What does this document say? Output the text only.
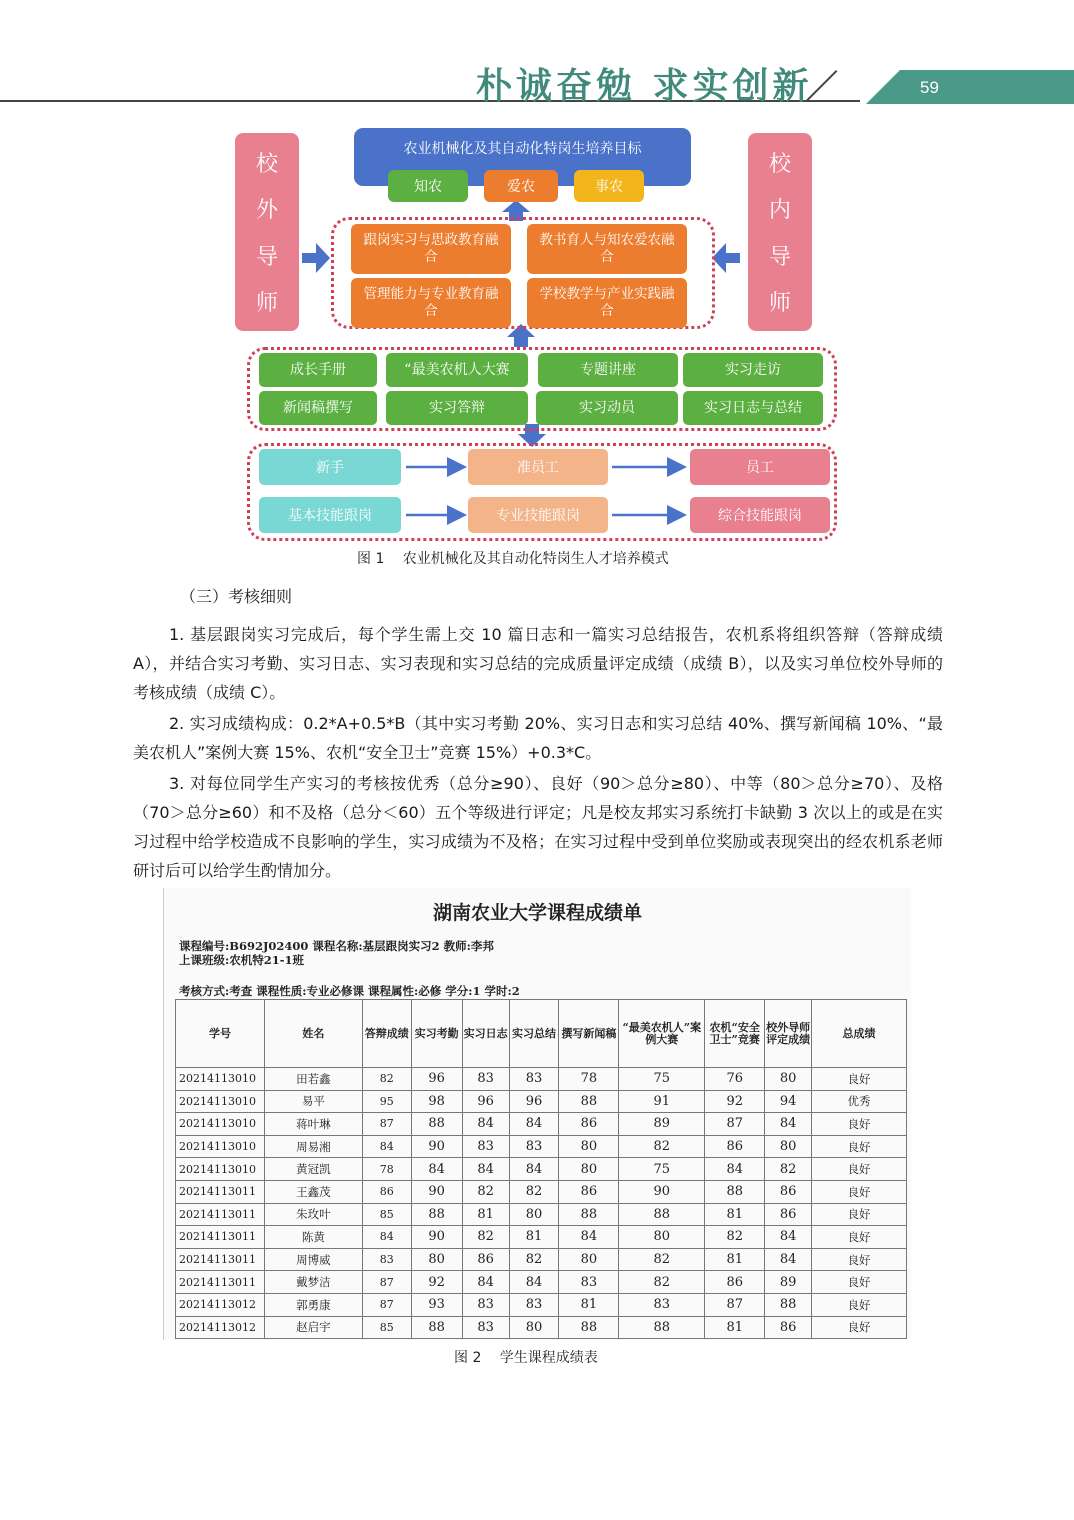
朴诚奋勉 求实创新	59
校
外
导
师
校
内
导
师
农业机械化及其自动化特岗生培养目标
知农	爱农	事农
跟岗实习与思政教育融合
教书育人与知农爱农融合
管理能力与专业教育融合
学校教学与产业实践融合
成长手册	“最美农机人大赛	专题讲座	实习走访
新闻稿撰写	实习答辩	实习动员	实习日志与总结
新手	准员工	员工
基本技能跟岗	专业技能跟岗	综合技能跟岗
图 1　 农业机械化及其自动化特岗生人才培养模式
（三）考核细则
1. 基层跟岗实习完成后，每个学生需上交 10 篇日志和一篇实习总结报告，农机系将组织答辩（答辩成绩 A），并结合实习考勤、实习日志、实习表现和实习总结的完成质量评定成绩（成绩 B），以及实习单位校外导师的考核成绩（成绩 C）。
2. 实习成绩构成：0.2*A+0.5*B（其中实习考勤 20%、实习日志和实习总结 40%、撰写新闻稿 10%、“最美农机人”案例大赛 15%、农机“安全卫士”竞赛 15%）+0.3*C。
3. 对每位同学生产实习的考核按优秀（总分≥90）、良好（90＞总分≥80）、中等（80＞总分≥70）、及格（70＞总分≥60）和不及格（总分＜60）五个等级进行评定；凡是校友邦实习系统打卡缺勤 3 次以上的或是在实习过程中给学校造成不良影响的学生，实习成绩为不及格；在实习过程中受到单位奖励或表现突出的经农机系老师研讨后可以给学生酌情加分。
湖南农业大学课程成绩单
课程编号:B692J02400 课程名称:基层跟岗实习2 教师:李邦
上课班级:农机特21-1班
考核方式:考查 课程性质:专业必修课 课程属性:必修 学分:1 学时:2
学号	姓名	答辩成绩	实习考勤	实习日志	实习总结	撰写新闻稿	“最美农机人”案例大赛	农机“安全卫士”竞赛	校外导师评定成绩	总成绩
20214113010	田若鑫	82	96	83	83	78	75	76	80	良好
20214113010	易平	95	98	96	96	88	91	92	94	优秀
20214113010	蒋叶琳	87	88	84	84	86	89	87	84	良好
20214113010	周易湘	84	90	83	83	80	82	86	80	良好
20214113010	黄冠凯	78	84	84	84	80	75	84	82	良好
20214113011	王鑫茂	86	90	82	82	86	90	88	86	良好
20214113011	朱玫叶	85	88	81	80	88	88	81	86	良好
20214113011	陈黄	84	90	82	81	84	80	82	84	良好
20214113011	周博威	83	80	86	82	80	82	81	84	良好
20214113011	戴梦洁	87	92	84	84	83	82	86	89	良好
20214113012	郭勇康	87	93	83	83	81	83	87	88	良好
20214113012	赵启宇	85	88	83	80	88	88	81	86	良好
图 2　 学生课程成绩表
